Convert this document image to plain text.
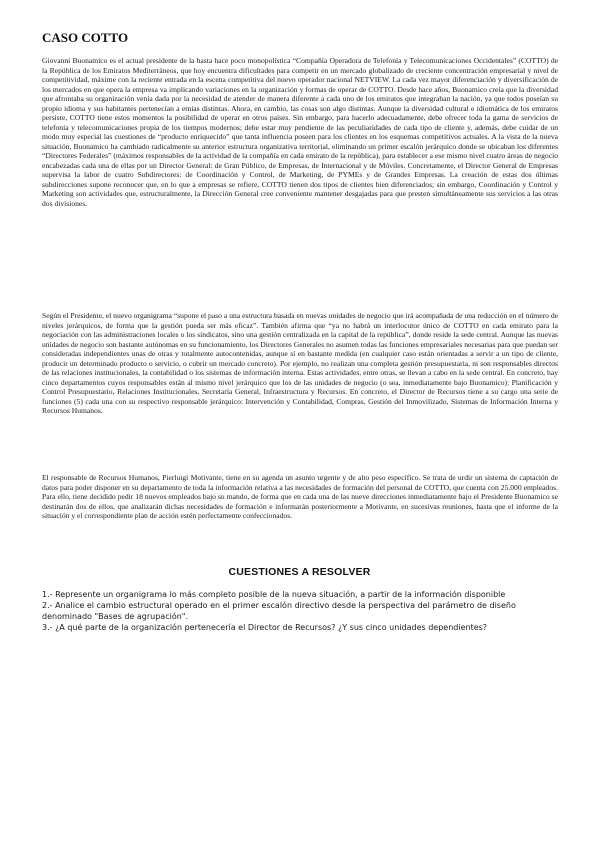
CASO COTTO

Giovanni Buonamico es el actual presidente de la hasta hace poco monopolística “Compañía Operadora de Telefonía y Telecomunicaciones Occidentales” (COTTO) de la República de los Emiratos Mediterráneos, que hoy encuentra dificultades para competir en un mercado globalizado de creciente concentración empresarial y nivel de competitividad, máxime con la reciente entrada en la escena competitiva del nuevo operador nacional NETVIEW. La cada vez mayor diferenciación y diversificación de los mercados en que opera la empresa va implicando variaciones en la organización y formas de operar de COTTO. Desde hace años, Buonamico creía que la diversidad que afrontaba su organización venía dada por la necesidad de atender de manera diferente a cada uno de los emiratos que integraban la nación, ya que todos poseían su propio idioma y sus habitantes pertenecían a etnias distintas. Ahora, en cambio, las cosas son algo distintas. Aunque la diversidad cultural e idiomática de los emiratos persiste, COTTO tiene estos momentos la posibilidad de operar en otros países. Sin embargo, para hacerlo adecuadamente, debe ofrecer toda la gama de servicios de telefonía y telecomunicaciones propia de los tiempos modernos; debe estar muy pendiente de las peculiaridades de cada tipo de cliente y, además, debe cuidar de un modo muy especial las cuestiones de “producto enriquecido” que tanta influencia poseen para los clientes en los esquemas competitivos actuales. A la vista de la nueva situación, Buonamico ha cambiado radicalmente su anterior estructura organizativa territorial, eliminando un primer escalón jerárquico donde se ubicaban los diferentes “Directores Federales” (máximos responsables de la actividad de la compañía en cada emirato de la república), para establecer a ese mismo nivel cuatro áreas de negocio encabezadas cada una de ellas por un Director General: de Gran Público, de Empresas, de Internacional y de Móviles. Concretamente, el Director General de Empresas supervisa la labor de cuatro Subdirectores: de Coordinación y Control, de Marketing, de PYMEs y de Grandes Empresas. La creación de estas dos últimas subdirecciones supone reconocer que, en lo que a empresas se refiere, COTTO tienen dos tipos de clientes bien diferenciados; sin embargo, Coordinación y Control y Marketing son actividades que, estructuralmente, la Dirección General cree conveniente mantener desgajadas para que presten simultáneamente sus servicios a las otras dos divisiones.

Según el Presidente, el nuevo organigrama “supone el paso a una estructura basada en nuevas unidades de negocio que irá acompañada de una reducción en el número de niveles jerárquicos, de forma que la gestión pueda ser más eficaz”. También afirma que “ya no habrá un interlocutor único de COTTO en cada emirato para la negociación con las administraciones locales o los sindicatos, sino una gestión centralizada en la capital de la república”, donde reside la sede central. Aunque las nuevas unidades de negocio son bastante autónomas en su funcionamiento, los Directores Generales no asumen todas las funciones empresariales necesarias para que puedan ser consideradas independientes unas de otras y totalmente autocontenidas, aunque sí en bastante medida (en cualquier caso están orientadas a servir a un tipo de cliente, producir un determinado producto o servicio, o cubrir un mercado concreto). Por ejemplo, no realizan una completa gestión presupuestaria, ni son responsables directos de las relaciones institucionales, la contabilidad o los sistemas de información interna. Estas actividades, entre otras, se llevan a cabo en la sede central. En concreto, hay cinco departamentos cuyos responsables están al mismo nivel jerárquico que los de las unidades de negocio (o sea, inmediatamente bajo Buonamico): Planificación y Control Presupuestario, Relaciones Institucionales, Secretaría General, Infraestructura y Recursos. En concreto, el Director de Recursos tiene a su cargo una serie de funciones (5) cada una con su respectivo responsable jerárquico: Intervención y Contabilidad, Compras, Gestión del Inmovilizado, Sistemas de Información Interna y Recursos Humanos.

El responsable de Recursos Humanos, Pierluigi Motivante, tiene en su agenda un asunto urgente y de alto peso específico. Se trata de urdir un sistema de captación de datos para poder disponer en su departamento de toda la información relativa a las necesidades de formación del personal de COTTO, que cuenta con 25.000 empleados. Para ello, tiene decidido pedir 18 nuevos empleados bajo su mando, de forma que en cada una de las nueve direcciones inmediatamente bajo el Presidente Buonamico se destinarán dos de ellos, que analizarán dichas necesidades de formación e informarán posteriormente a Motivante, en sucesivas reuniones, hasta que el informe de la situación y el correspondiente plan de acción estén perfectamente confeccionados.

CUESTIONES A RESOLVER
1.- Represente un organigrama lo más completo posible de la nueva situación, a partir de la información disponible
2.- Analice el cambio estructural operado en el primer escalón directivo desde la perspectiva del parámetro de diseño denominado "Bases de agrupación".
3.- ¿A qué parte de la organización pertenecería el Director de Recursos? ¿Y sus cinco unidades dependientes?
